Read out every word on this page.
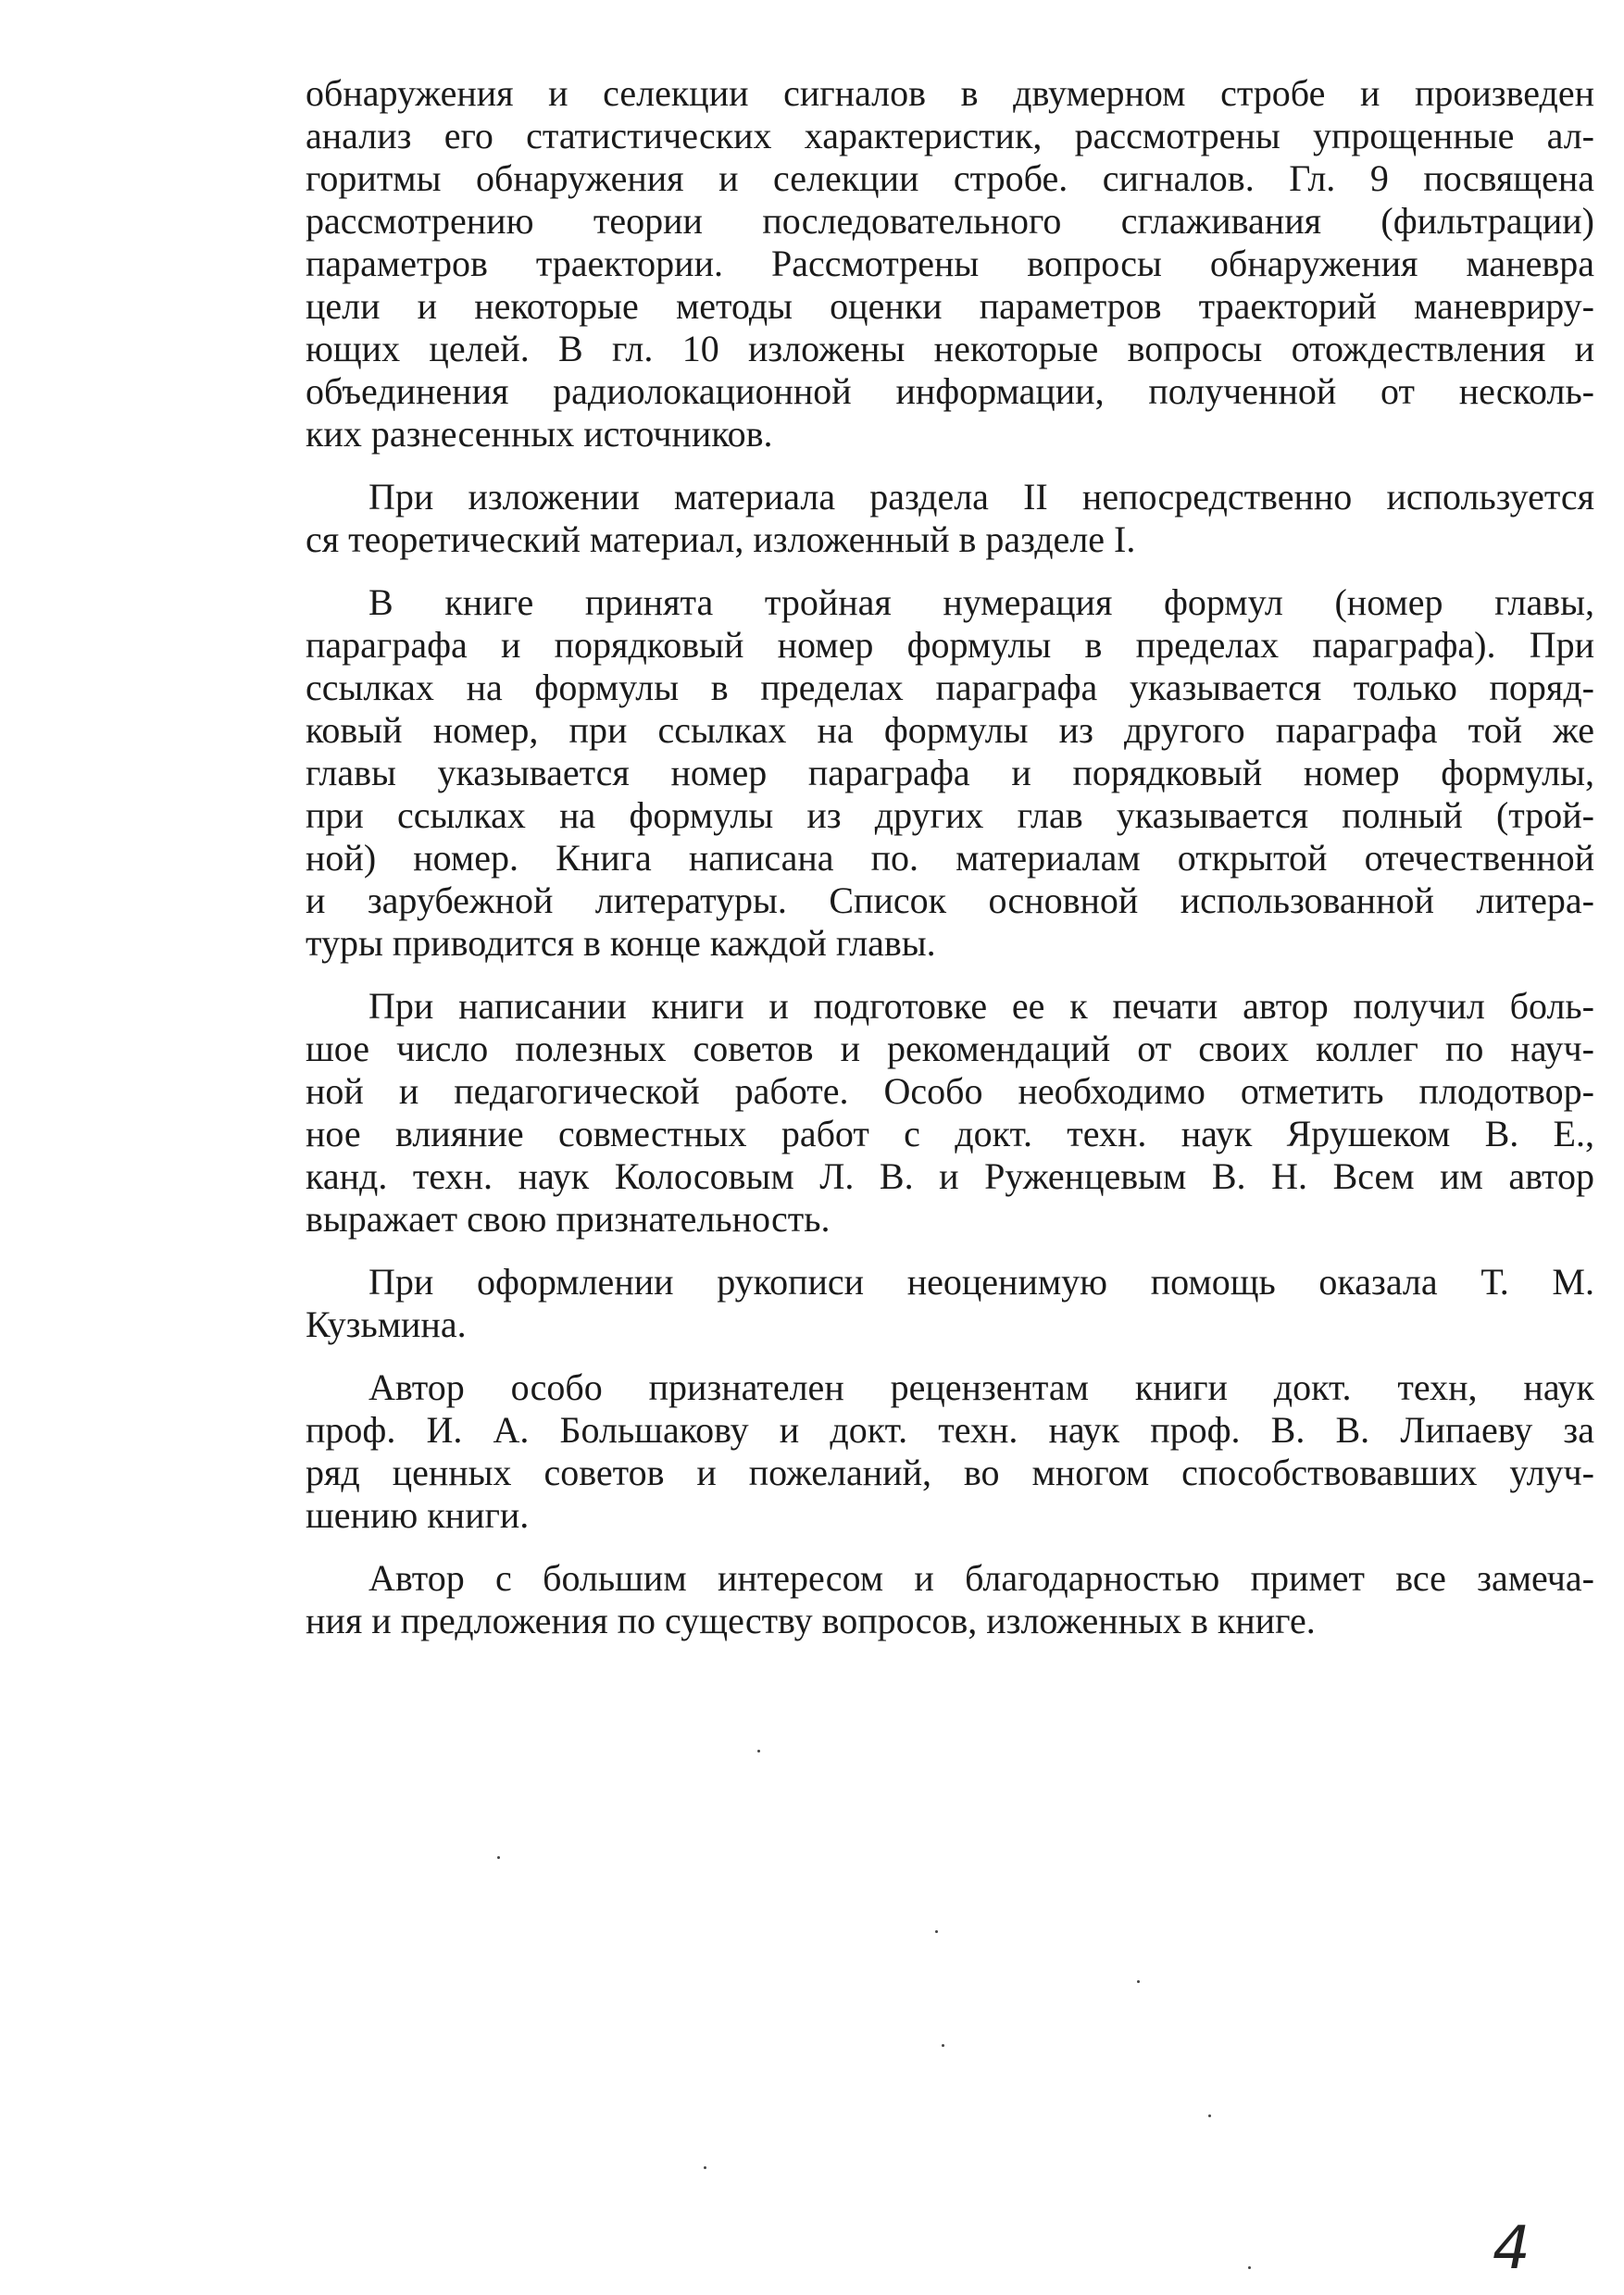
обнаружения и селекции сигналов в двумерном стробе и произведен
анализ его статистических характеристик, рассмотрены упрощенные ал-
горитмы обнаружения и селекции стробе. сигналов. Гл. 9 посвящена
рассмотрению теории последовательного сглаживания (фильтрации)
параметров траектории. Рассмотрены вопросы обнаружения маневра
цели и некоторые методы оценки параметров траекторий маневриру-
ющих целей. В гл. 10 изложены некоторые вопросы отождествления и
объединения радиолокационной информации, полученной от несколь-
ких разнесенных источников.
При изложении материала раздела II непосредственно используется
ся теоретический материал, изложенный в разделе I.
В книге принята тройная нумерация формул (номер главы,
параграфа и порядковый номер формулы в пределах параграфа). При
ссылках на формулы в пределах параграфа указывается только поряд-
ковый номер, при ссылках на формулы из другого параграфа той же
главы указывается номер параграфа и порядковый номер формулы,
при ссылках на формулы из других глав указывается полный (трой-
ной) номер. Книга написана по. материалам открытой отечественной
и зарубежной литературы. Список основной использованной литера-
туры приводится в конце каждой главы.
При написании книги и подготовке ее к печати автор получил боль-
шое число полезных советов и рекомендаций от своих коллег по науч-
ной и педагогической работе. Особо необходимо отметить плодотвор-
ное влияние совместных работ с докт. техн. наук Ярушеком В. Е.,
канд. техн. наук Колосовым Л. В. и Руженцевым В. Н. Всем им автор
выражает свою признательность.
При оформлении рукописи неоценимую помощь оказала Т. М.
Кузьмина.
Автор особо признателен рецензентам книги докт. техн, наук
проф. И. А. Большакову и докт. техн. наук проф. В. В. Липаеву за
ряд ценных советов и пожеланий, во многом способствовавших улуч-
шению книги.
Автор с большим интересом и благодарностью примет все замеча-
ния и предложения по существу вопросов, изложенных в книге.
4
